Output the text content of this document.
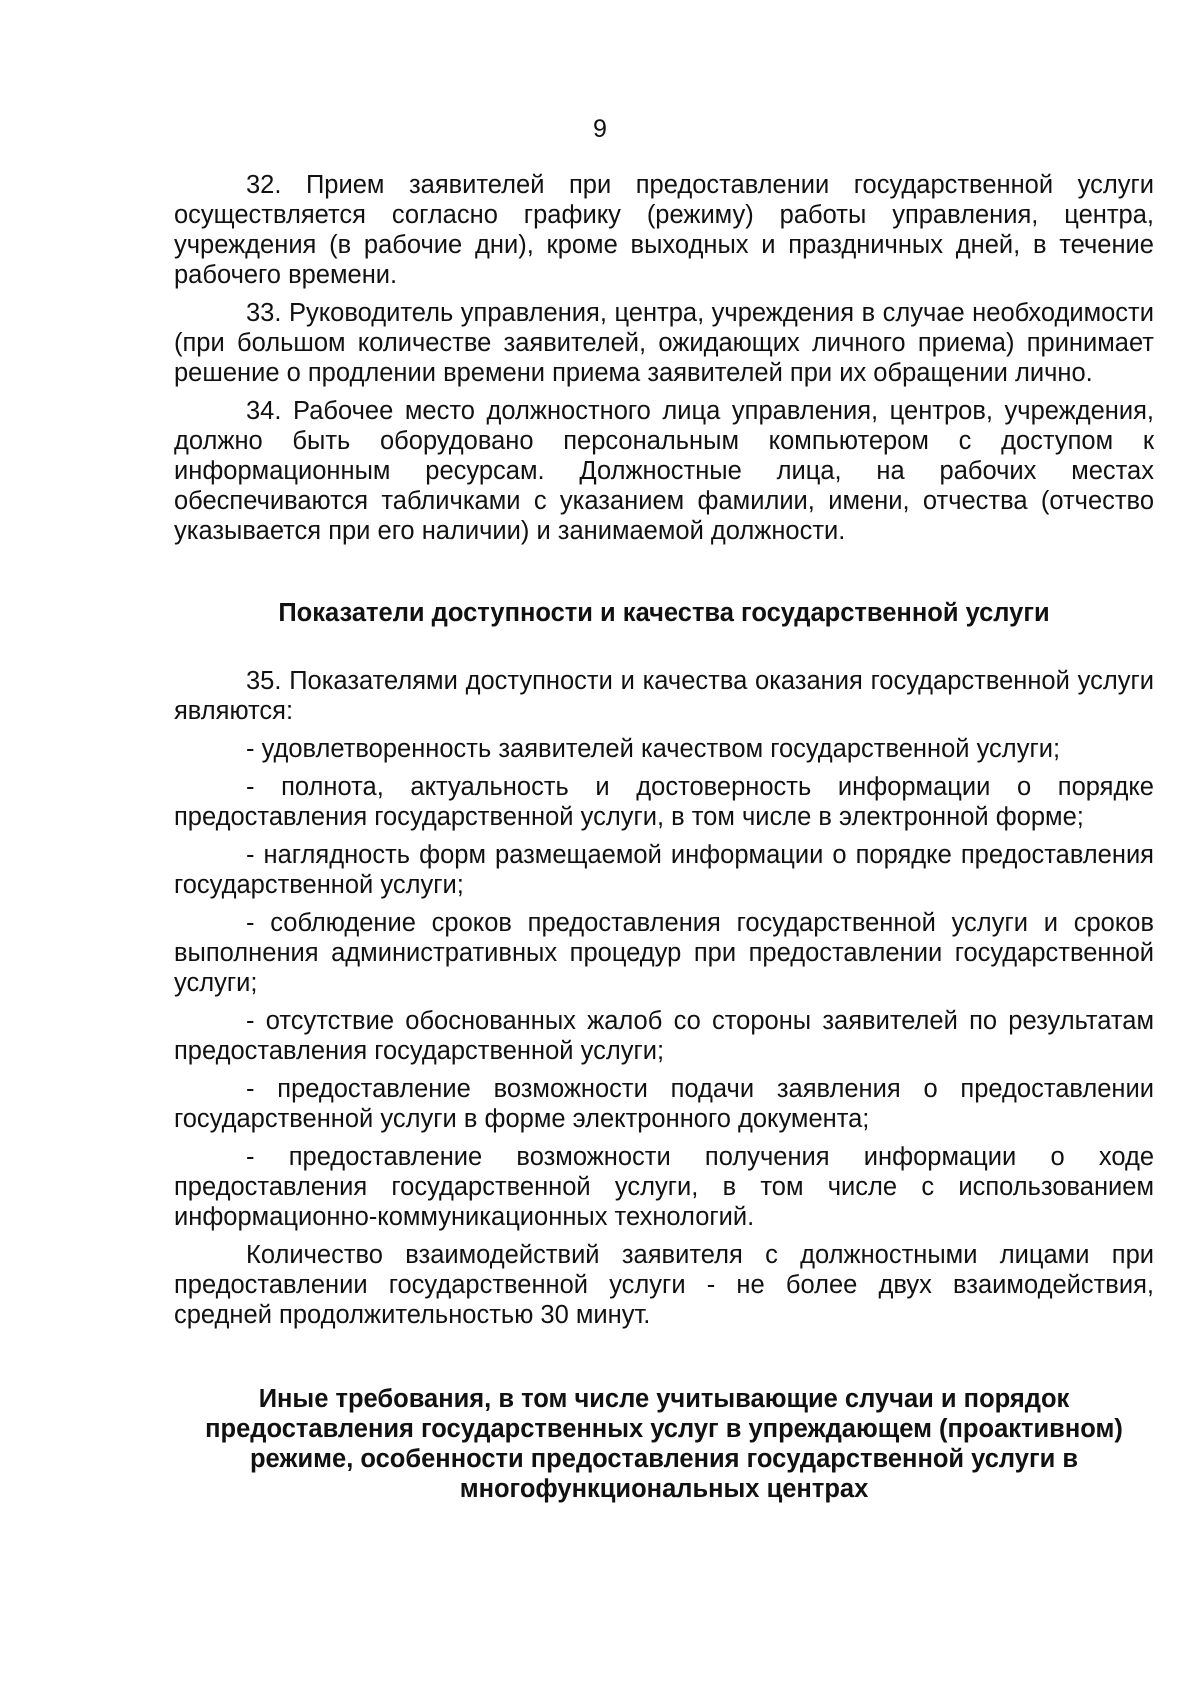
9

32. Прием заявителей при предоставлении государственной услуги осуществляется согласно графику (режиму) работы управления, центра, учреждения (в рабочие дни), кроме выходных и праздничных дней, в течение рабочего времени.

33. Руководитель управления, центра, учреждения в случае необходимости (при большом количестве заявителей, ожидающих личного приема) принимает решение о продлении времени приема заявителей при их обращении лично.

34. Рабочее место должностного лица управления, центров, учреждения, должно быть оборудовано персональным компьютером с доступом к информационным ресурсам. Должностные лица, на рабочих местах обеспечиваются табличками с указанием фамилии, имени, отчества (отчество указывается при его наличии) и занимаемой должности.

Показатели доступности и качества государственной услуги

35. Показателями доступности и качества оказания государственной услуги являются:

- удовлетворенность заявителей качеством государственной услуги;

- полнота, актуальность и достоверность информации о порядке предоставления государственной услуги, в том числе в электронной форме;

- наглядность форм размещаемой информации о порядке предоставления государственной услуги;

- соблюдение сроков предоставления государственной услуги и сроков выполнения административных процедур при предоставлении государственной услуги;

- отсутствие обоснованных жалоб со стороны заявителей по результатам предоставления государственной услуги;

- предоставление возможности подачи заявления о предоставлении государственной услуги в форме электронного документа;

- предоставление возможности получения информации о ходе предоставления государственной услуги, в том числе с использованием информационно-коммуникационных технологий.

Количество взаимодействий заявителя с должностными лицами при предоставлении государственной услуги - не более двух взаимодействия, средней продолжительностью 30 минут.

Иные требования, в том числе учитывающие случаи и порядок предоставления государственных услуг в упреждающем (проактивном) режиме, особенности предоставления государственной услуги в многофункциональных центрах
